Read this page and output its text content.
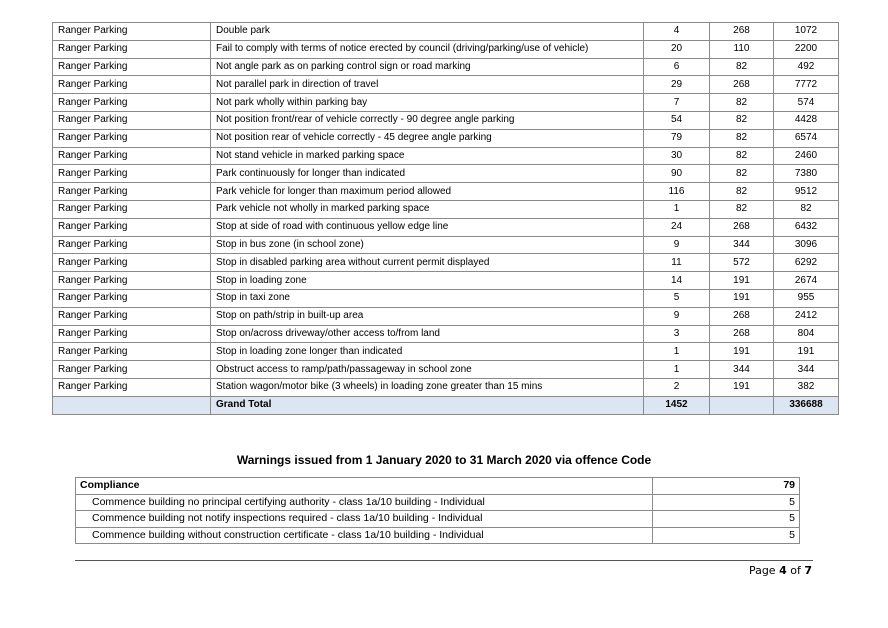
Ranger Parking	Double park	4	268	1072
Ranger Parking	Fail to comply with terms of notice erected by council (driving/parking/use of vehicle)	20	110	2200
Ranger Parking	Not angle park as on parking control sign or road marking	6	82	492
Ranger Parking	Not parallel park in direction of travel	29	268	7772
Ranger Parking	Not park wholly within parking bay	7	82	574
Ranger Parking	Not position front/rear of vehicle correctly - 90 degree angle parking	54	82	4428
Ranger Parking	Not position rear of vehicle correctly - 45 degree angle parking	79	82	6574
Ranger Parking	Not stand vehicle in marked parking space	30	82	2460
Ranger Parking	Park continuously for longer than indicated	90	82	7380
Ranger Parking	Park vehicle for longer than maximum period allowed	116	82	9512
Ranger Parking	Park vehicle not wholly in marked parking space	1	82	82
Ranger Parking	Stop at side of road with continuous yellow edge line	24	268	6432
Ranger Parking	Stop in bus zone (in school zone)	9	344	3096
Ranger Parking	Stop in disabled parking area without current permit displayed	11	572	6292
Ranger Parking	Stop in loading zone	14	191	2674
Ranger Parking	Stop in taxi zone	5	191	955
Ranger Parking	Stop on path/strip in built-up area	9	268	2412
Ranger Parking	Stop on/across driveway/other access to/from land	3	268	804
Ranger Parking	Stop in loading zone longer than indicated	1	191	191
Ranger Parking	Obstruct access to ramp/path/passageway in school zone	1	344	344
Ranger Parking	Station wagon/motor bike (3 wheels) in loading zone greater than 15 mins	2	191	382
	Grand Total	1452		336688
Warnings issued from 1 January 2020 to 31 March 2020 via offence Code
Compliance	79
Commence building no principal certifying authority - class 1a/10 building - Individual	5
Commence building not notify inspections required - class 1a/10 building - Individual	5
Commence building without construction certificate - class 1a/10 building - Individual	5
Page 4 of 7
